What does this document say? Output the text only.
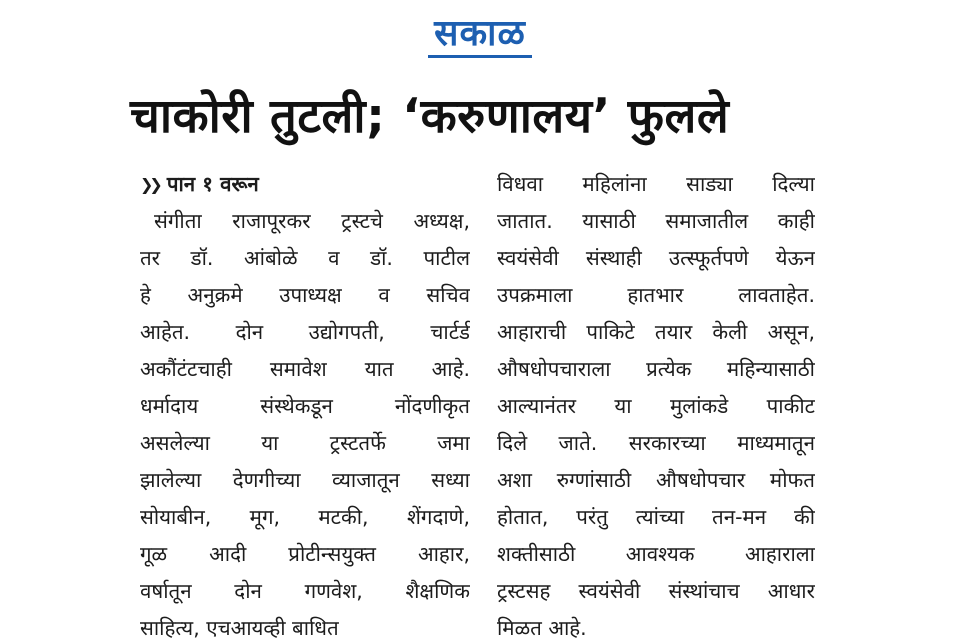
सकाळ
चाकोरी तुटली; ‘करुणालय’ फुलले
❯❯ पान १ वरून
संगीता राजापूरकर ट्रस्टचे अध्यक्ष,
तर डॉ. आंबोळे व डॉ. पाटील
हे अनुक्रमे उपाध्यक्ष व सचिव
आहेत. दोन उद्योगपती, चार्टर्ड
अकौंटंटचाही समावेश यात आहे.
धर्मादाय संस्थेकडून नोंदणीकृत
असलेल्या या ट्रस्टतर्फे जमा
झालेल्या देणगीच्या व्याजातून सध्या
सोयाबीन, मूग, मटकी, शेंगदाणे,
गूळ आदी प्रोटीन्सयुक्त आहार,
वर्षातून दोन गणवेश, शैक्षणिक
साहित्य, एचआयव्ही बाधित
विधवा महिलांना साड्या दिल्या
जातात. यासाठी समाजातील काही
स्वयंसेवी संस्थाही उत्स्फूर्तपणे येऊन
उपक्रमाला हातभार लावताहेत.
आहाराची पाकिटे तयार केली असून,
औषधोपचाराला प्रत्येक महिन्यासाठी
आल्यानंतर या मुलांकडे पाकीट
दिले जाते. सरकारच्या माध्यमातून
अशा रुग्णांसाठी औषधोपचार मोफत
होतात, परंतु त्यांच्या तन-मन की
शक्तीसाठी आवश्यक आहाराला
ट्रस्टसह स्वयंसेवी संस्थांचाच आधार
मिळत आहे.
